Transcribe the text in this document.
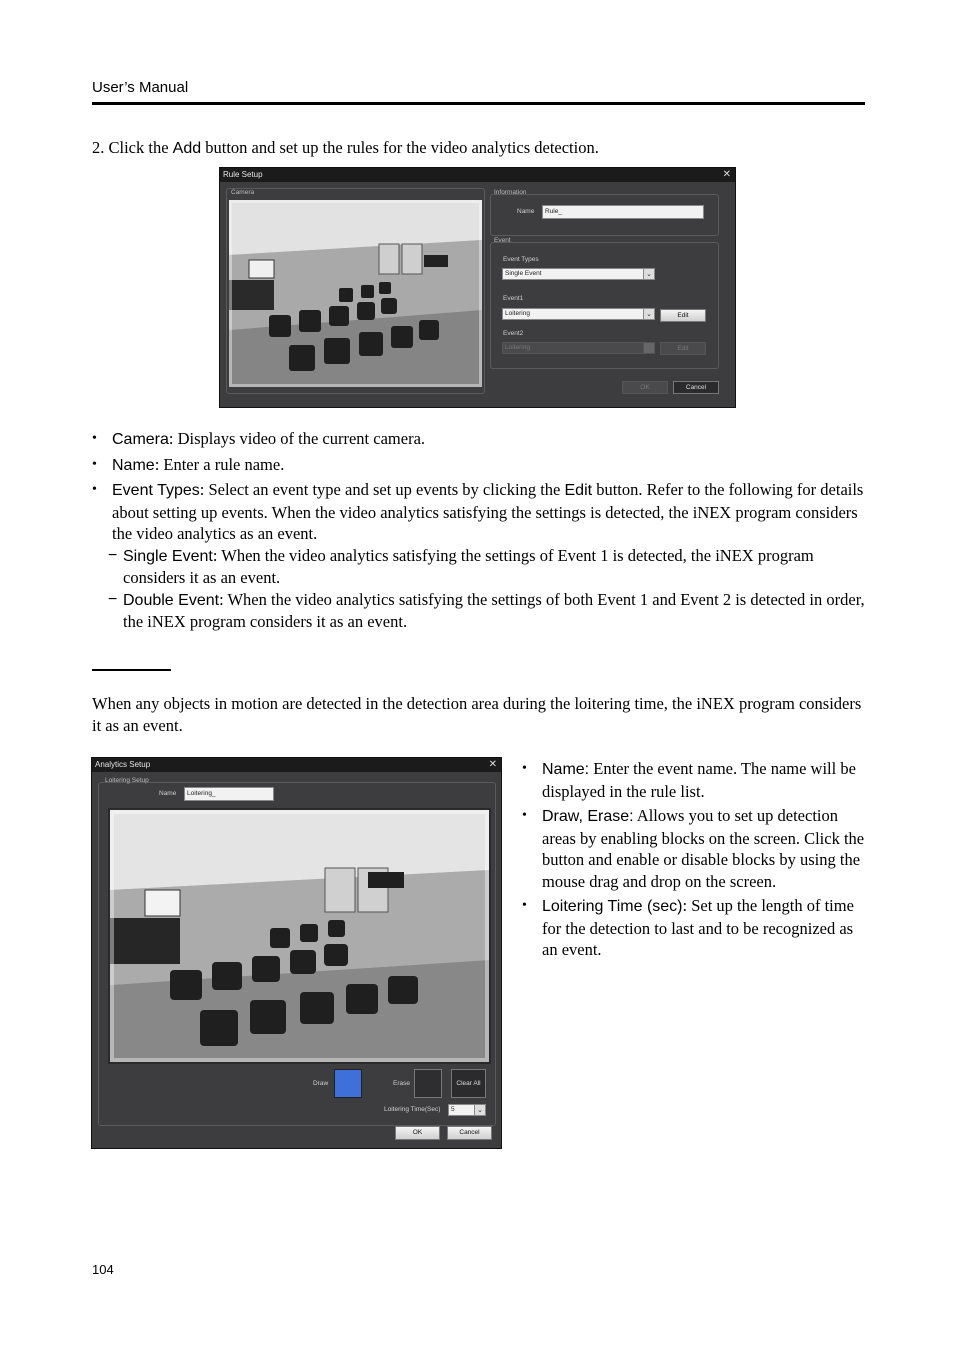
User’s Manual
2. Click the Add button and set up the rules for the video analytics detection.
Rule Setup	✕
Camera	Information
Name	Rule_
Event
Event Types
Single Event	⌄
Event1
Loitering	⌄	Edit
Event2
Loitering	Edit
OK	Cancel
• Camera: Displays video of the current camera.
• Name: Enter a rule name.
• Event Types: Select an event type and set up events by clicking the Edit button. Refer to the following for details about setting up events. When the video analytics satisfying the settings is detected, the iNEX program considers the video analytics as an event.
− Single Event: When the video analytics satisfying the settings of Event 1 is detected, the iNEX program considers it as an event.
− Double Event: When the video analytics satisfying the settings of both Event 1 and Event 2 is detected in order, the iNEX program considers it as an event.
When any objects in motion are detected in the detection area during the loitering time, the iNEX program considers it as an event.
Analytics Setup	✕
Loitering Setup
Name	Loitering_
Draw	Erase	Clear All
Loitering Time(Sec)	5	⌄
OK	Cancel
• Name: Enter the event name. The name will be displayed in the rule list.
• Draw, Erase: Allows you to set up detection areas by enabling blocks on the screen. Click the button and enable or disable blocks by using the mouse drag and drop on the screen.
• Loitering Time (sec): Set up the length of time for the detection to last and to be recognized as an event.
104
